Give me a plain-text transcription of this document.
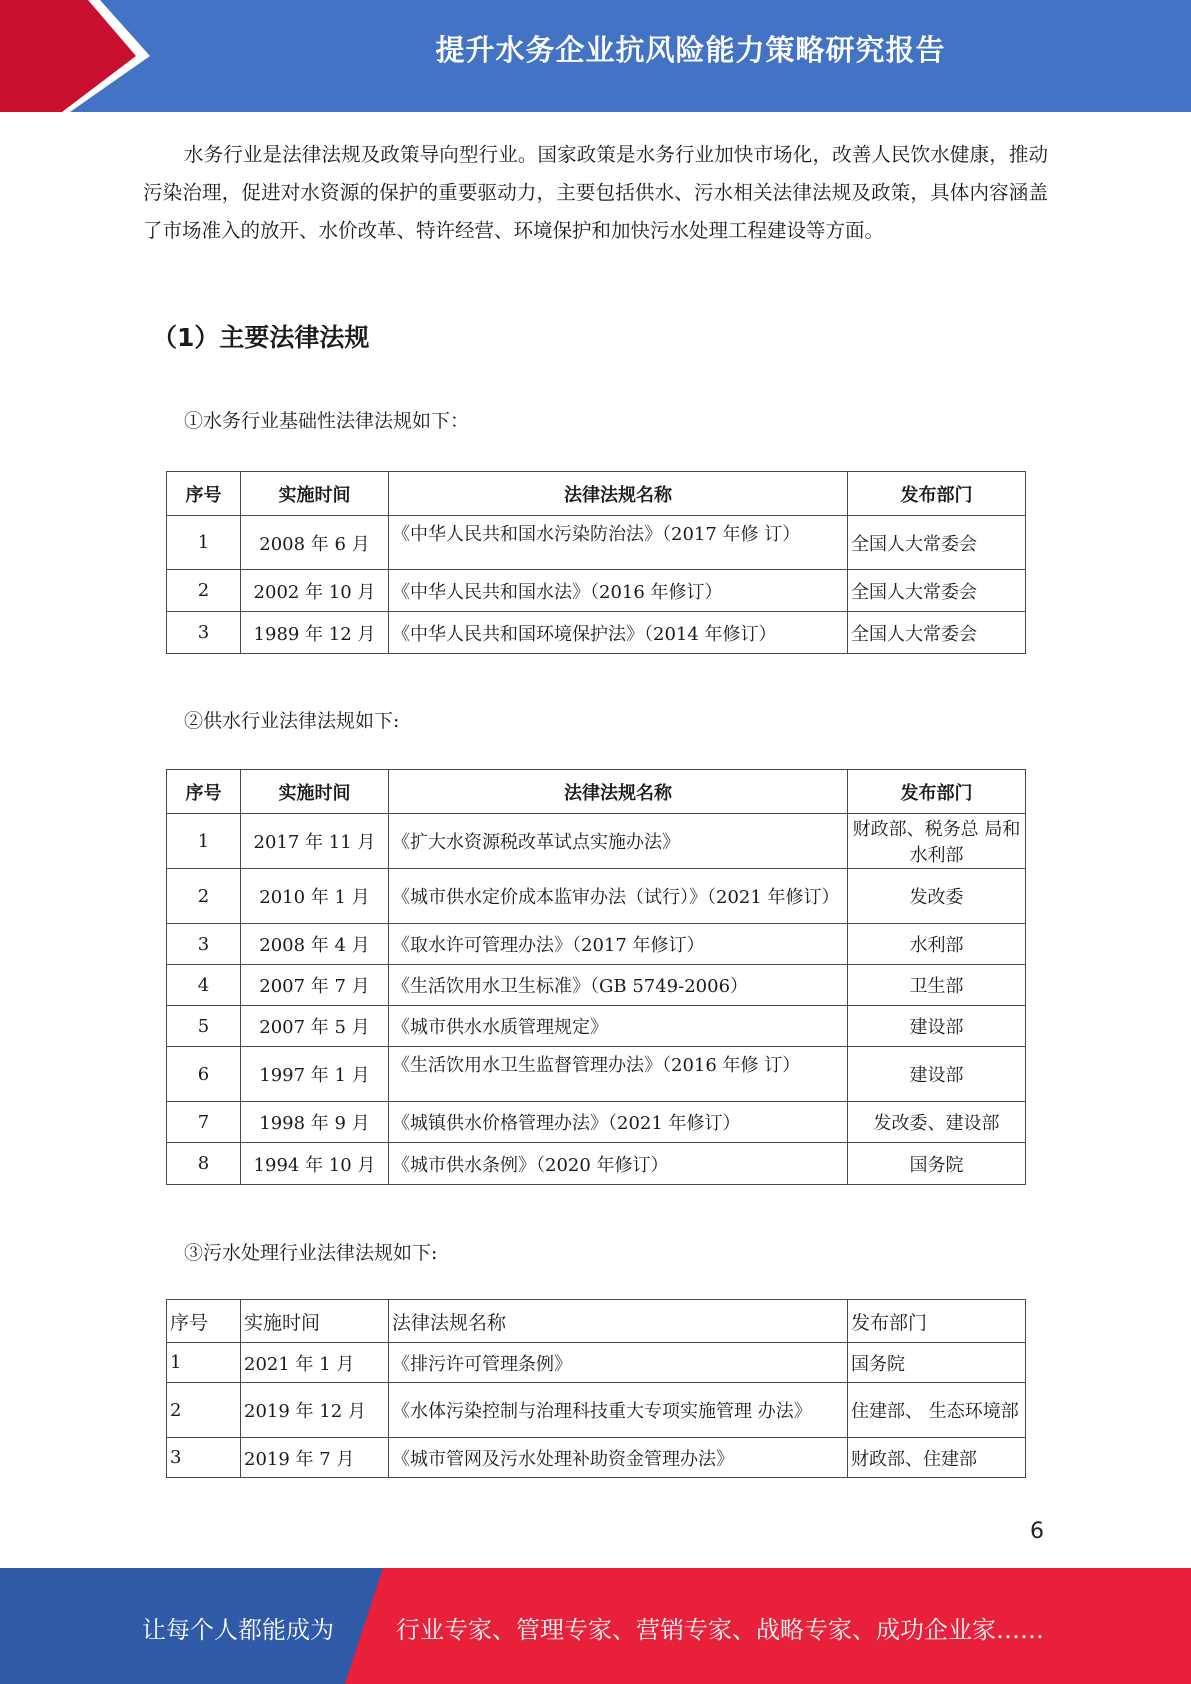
提升水务企业抗风险能力策略研究报告

水务行业是法律法规及政策导向型行业。国家政策是水务行业加快市场化，改善人民饮水健康，推动污染治理，促进对水资源的保护的重要驱动力，主要包括供水、污水相关法律法规及政策，具体内容涵盖了市场准入的放开、水价改革、特许经营、环境保护和加快污水处理工程建设等方面。

（1）主要法律法规

①水务行业基础性法律法规如下：

序号	实施时间	法律法规名称	发布部门
1	2008 年 6 月	《中华人民共和国水污染防治法》（2017 年修 订）	全国人大常委会
2	2002 年 10 月	《中华人民共和国水法》（2016 年修订）	全国人大常委会
3	1989 年 12 月	《中华人民共和国环境保护法》（2014 年修订）	全国人大常委会

②供水行业法律法规如下:

序号	实施时间	法律法规名称	发布部门
1	2017 年 11 月	《扩大水资源税改革试点实施办法》	财政部、税务总 局和水利部
2	2010 年 1 月	《城市供水定价成本监审办法（试行）》（2021 年修订）	发改委
3	2008 年 4 月	《取水许可管理办法》（2017 年修订）	水利部
4	2007 年 7 月	《生活饮用水卫生标准》（GB 5749-2006）	卫生部
5	2007 年 5 月	《城市供水水质管理规定》	建设部
6	1997 年 1 月	《生活饮用水卫生监督管理办法》（2016 年修 订）	建设部
7	1998 年 9 月	《城镇供水价格管理办法》（2021 年修订）	发改委、建设部
8	1994 年 10 月	《城市供水条例》（2020 年修订）	国务院

③污水处理行业法律法规如下:

序号	实施时间	法律法规名称	发布部门
1	2021 年 1 月	《排污许可管理条例》	国务院
2	2019 年 12 月	《水体污染控制与治理科技重大专项实施管理 办法》	住建部、 生态环境部
3	2019 年 7 月	《城市管网及污水处理补助资金管理办法》	财政部、住建部
6
让每个人都能成为	行业专家、管理专家、营销专家、战略专家、成功企业家……
